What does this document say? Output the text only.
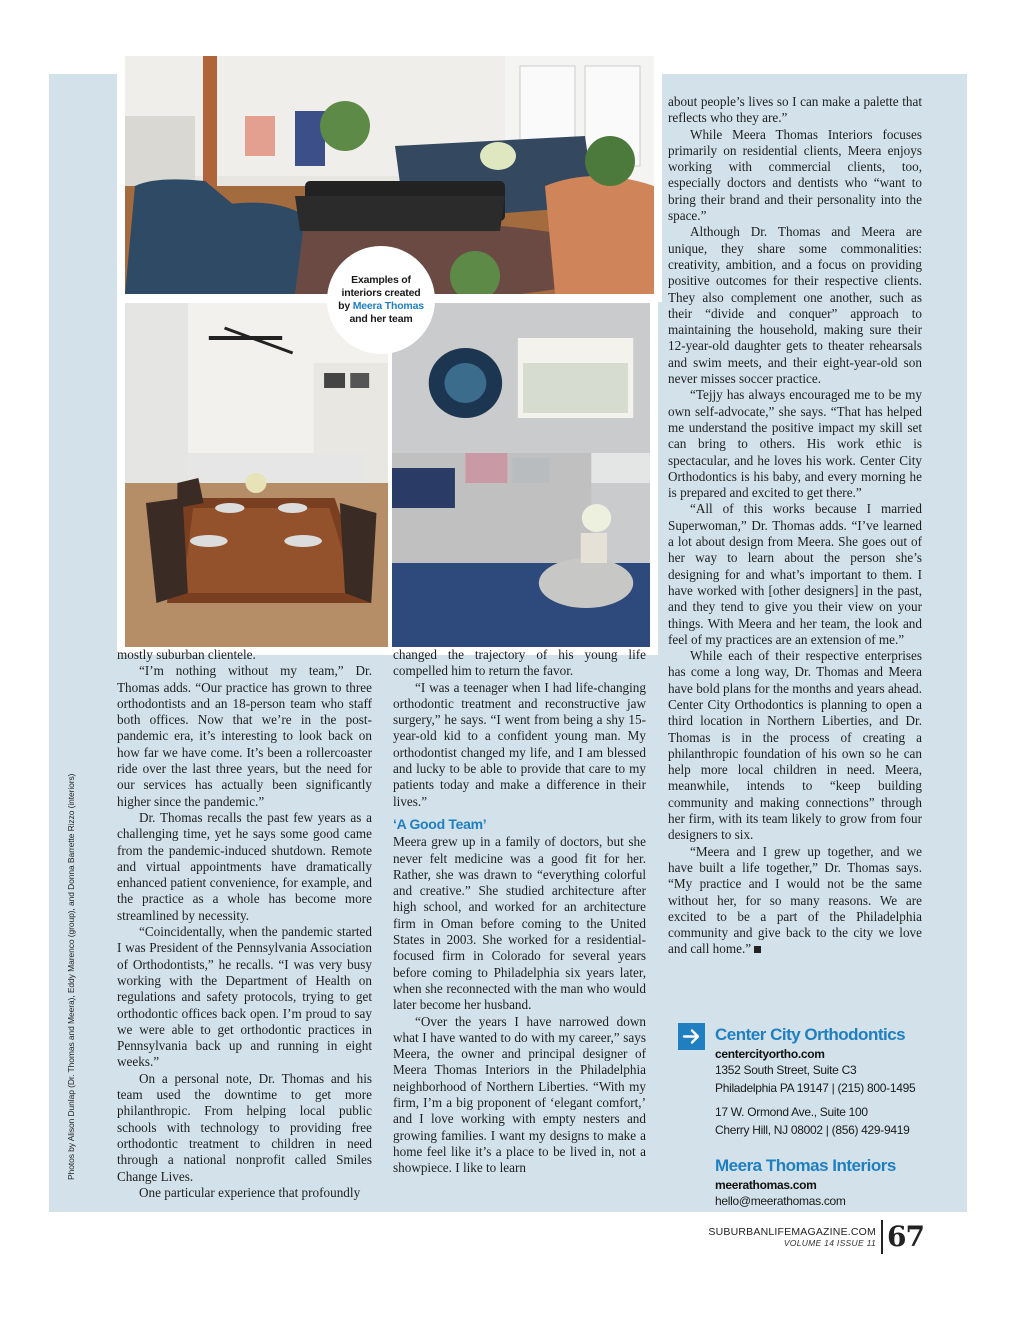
Examples of
interiors created
by Meera Thomas
and her team
Photos by Alison Dunlap (Dr. Thomas and Meera), Eddy Marenco (group), and Donna Barrette Rizzo (interiors)

mostly suburban clientele.

“I’m nothing without my team,” Dr. Thomas adds. “Our practice has grown to three orthodontists and an 18-person team who staff both offices. Now that we’re in the post-pandemic era, it’s interesting to look back on how far we have come. It’s been a rollercoaster ride over the last three years, but the need for our services has actually been significantly higher since the pandemic.”

Dr. Thomas recalls the past few years as a challenging time, yet he says some good came from the pandemic-induced shutdown. Remote and virtual appointments have dramatically enhanced patient convenience, for example, and the practice as a whole has become more streamlined by necessity.

“Coincidentally, when the pandemic started I was President of the Pennsylvania Association of Orthodontists,” he recalls. “I was very busy working with the Department of Health on regulations and safety protocols, trying to get orthodontic offices back open. I’m proud to say we were able to get orthodontic practices in Pennsylvania back up and running in eight weeks.”

On a personal note, Dr. Thomas and his team used the downtime to get more philanthropic. From helping local public schools with technology to providing free orthodontic treatment to children in need through a national nonprofit called Smiles Change Lives.

One particular experience that profoundly

changed the trajectory of his young life compelled him to return the favor.

“I was a teenager when I had life-changing orthodontic treatment and reconstructive jaw surgery,” he says. “I went from being a shy 15-year-old kid to a confident young man. My orthodontist changed my life, and I am blessed and lucky to be able to provide that care to my patients today and make a difference in their lives.”

‘A Good Team’

Meera grew up in a family of doctors, but she never felt medicine was a good fit for her. Rather, she was drawn to “everything colorful and creative.” She studied architecture after high school, and worked for an architecture firm in Oman before coming to the United States in 2003. She worked for a residential-focused firm in Colorado for several years before coming to Philadelphia six years later, when she reconnected with the man who would later become her husband.

“Over the years I have narrowed down what I have wanted to do with my career,” says Meera, the owner and principal designer of Meera Thomas Interiors in the Philadelphia neighborhood of Northern Liberties. “With my firm, I’m a big proponent of ‘elegant comfort,’ and I love working with empty nesters and growing families. I want my designs to make a home feel like it’s a place to be lived in, not a showpiece. I like to learn

about people’s lives so I can make a palette that reflects who they are.”

While Meera Thomas Interiors focuses primarily on residential clients, Meera enjoys working with commercial clients, too, especially doctors and dentists who “want to bring their brand and their personality into the space.”

Although Dr. Thomas and Meera are unique, they share some commonalities: creativity, ambition, and a focus on providing positive outcomes for their respective clients. They also complement one another, such as their “divide and conquer” approach to maintaining the household, making sure their 12-year-old daughter gets to theater rehearsals and swim meets, and their eight-year-old son never misses soccer practice.

“Tejjy has always encouraged me to be my own self-advocate,” she says. “That has helped me understand the positive impact my skill set can bring to others. His work ethic is spectacular, and he loves his work. Center City Orthodontics is his baby, and every morning he is prepared and excited to get there.”

“All of this works because I married Superwoman,” Dr. Thomas adds. “I’ve learned a lot about design from Meera. She goes out of her way to learn about the person she’s designing for and what’s important to them. I have worked with [other designers] in the past, and they tend to give you their view on your things. With Meera and her team, the look and feel of my practices are an extension of me.”

While each of their respective enterprises has come a long way, Dr. Thomas and Meera have bold plans for the months and years ahead. Center City Orthodontics is planning to open a third location in Northern Liberties, and Dr. Thomas is in the process of creating a philanthropic foundation of his own so he can help more local children in need. Meera, meanwhile, intends to “keep building community and making connections” through her firm, with its team likely to grow from four designers to six.

“Meera and I grew up together, and we have built a life together,” Dr. Thomas says. “My practice and I would not be the same without her, for so many reasons. We are excited to be a part of the Philadelphia community and give back to the city we love and call home.”

Center City Orthodontics
centercityortho.com
1352 South Street, Suite C3
Philadelphia PA 19147 | (215) 800-1495
17 W. Ormond Ave., Suite 100
Cherry Hill, NJ 08002 | (856) 429-9419
Meera Thomas Interiors
meerathomas.com
hello@meerathomas.com
SUBURBANLIFEMAGAZINE.COM
VOLUME 14 ISSUE 11 67
